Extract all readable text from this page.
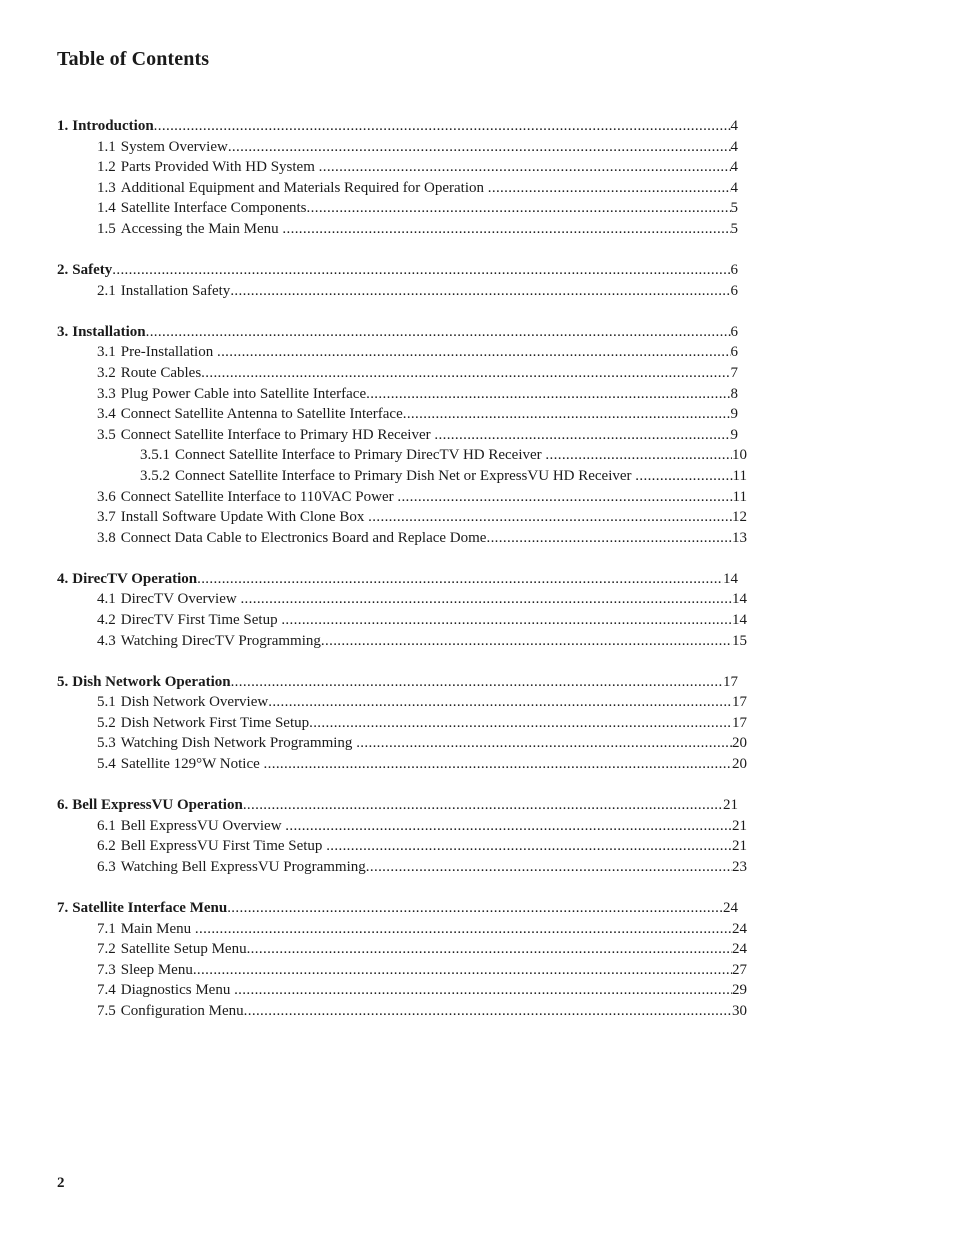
Table of Contents
1. Introduction .....	4
1.1 System Overview .....	4
1.2 Parts Provided With HD System .....	4
1.3 Additional Equipment and Materials Required for Operation .....	4
1.4 Satellite Interface Components .....	5
1.5 Accessing the Main Menu .....	5
2. Safety .....	6
2.1 Installation Safety .....	6
3. Installation .....	6
3.1 Pre-Installation .....	6
3.2 Route Cables .....	7
3.3 Plug Power Cable into Satellite Interface .....	8
3.4 Connect Satellite Antenna to Satellite Interface .....	9
3.5 Connect Satellite Interface to Primary HD Receiver .....	9
3.5.1 Connect Satellite Interface to Primary DirecTV HD Receiver .....	10
3.5.2 Connect Satellite Interface to Primary Dish Net or ExpressVU HD Receiver .....	11
3.6 Connect Satellite Interface to 110VAC Power .....	11
3.7 Install Software Update With Clone Box .....	12
3.8 Connect Data Cable to Electronics Board and Replace Dome .....	13
4. DirecTV Operation .....	14
4.1 DirecTV Overview .....	14
4.2 DirecTV First Time Setup .....	14
4.3 Watching DirecTV Programming .....	15
5. Dish Network Operation .....	17
5.1 Dish Network Overview .....	17
5.2 Dish Network First Time Setup .....	17
5.3 Watching Dish Network Programming .....	20
5.4 Satellite 129°W Notice .....	20
6. Bell ExpressVU Operation .....	21
6.1 Bell ExpressVU Overview .....	21
6.2 Bell ExpressVU First Time Setup .....	21
6.3 Watching Bell ExpressVU Programming .....	23
7. Satellite Interface Menu .....	24
7.1 Main Menu .....	24
7.2 Satellite Setup Menu .....	24
7.3 Sleep Menu .....	27
7.4 Diagnostics Menu .....	29
7.5 Configuration Menu .....	30
2
